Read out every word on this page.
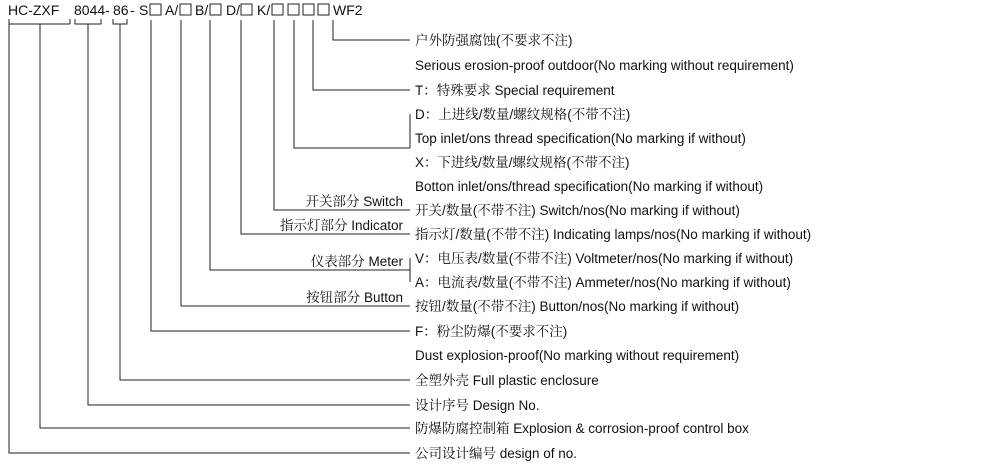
HC-ZXF 8044 - 86 - S A/ B/ D/ K/	WF2
开关部分 Switch
指示灯部分 Indicator
仪表部分 Meter
按钮部分 Button
户外防强腐蚀(不要求不注)
Serious erosion-proof outdoor(No marking without requirement)
T：特殊要求 Special requirement
D：上进线/数量/螺纹规格(不带不注)
Top inlet/ons thread specification(No marking if without)
X：下进线/数量/螺纹规格(不带不注)
Botton inlet/ons/thread specification(No marking if without)
开关/数量(不带不注) Switch/nos(No marking if without)
指示灯/数量(不带不注) Indicating lamps/nos(No marking if without)
V：电压表/数量(不带不注) Voltmeter/nos(No marking if without)
A：电流表/数量(不带不注) Ammeter/nos(No marking if without)
按钮/数量(不带不注) Button/nos(No marking if without)
F：粉尘防爆(不要求不注)
Dust explosion-proof(No marking without requirement)
全塑外壳 Full plastic enclosure
设计序号 Design No.
防爆防腐控制箱 Explosion & corrosion-proof control box
公司设计编号 design of no.
